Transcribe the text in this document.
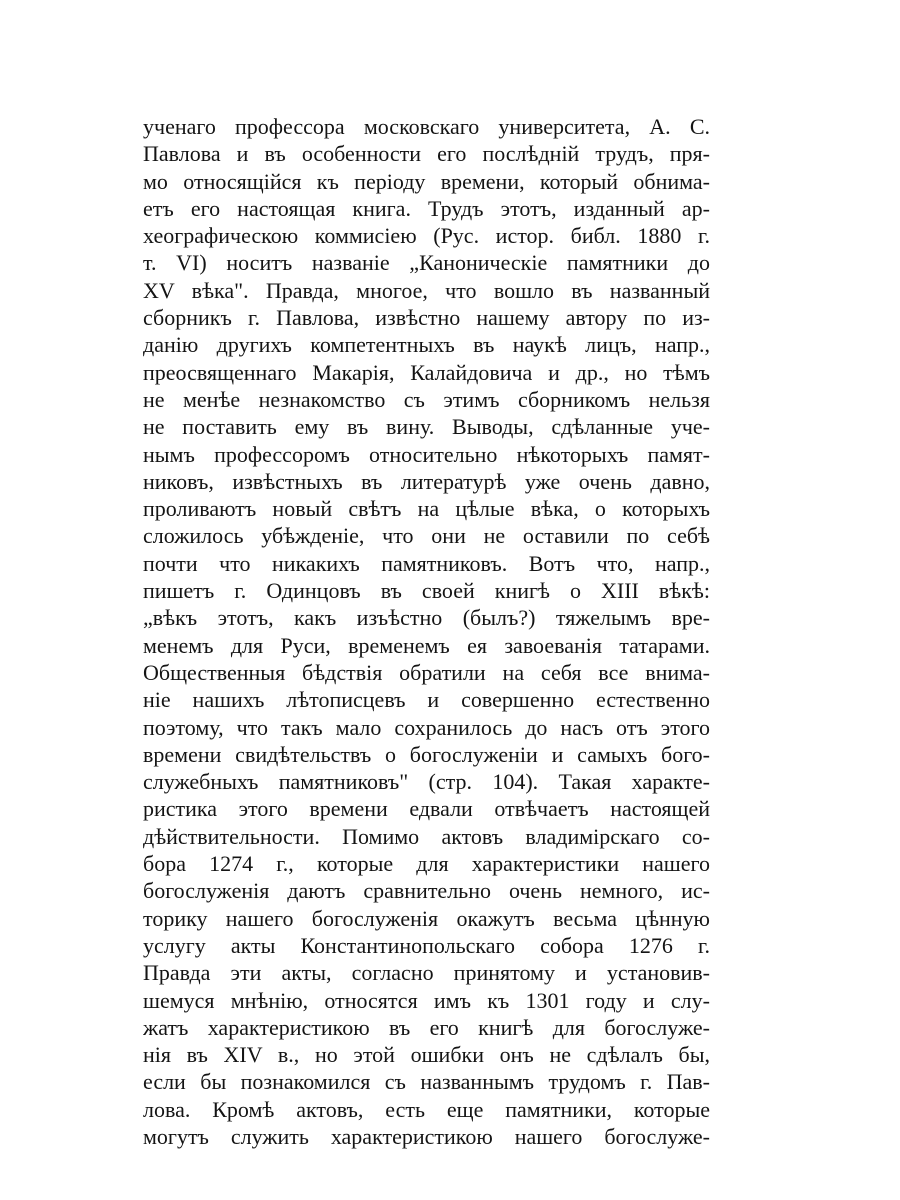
ученаго профессора московскаго университета, А. С.
Павлова и въ особенности его послѣдній трудъ, пря-
мо относящійся къ періоду времени, который обнима-
етъ его настоящая книга. Трудъ этотъ, изданный ар-
хеографическою коммисіею (Рус. истор. библ. 1880 г.
т. VI) носитъ названіе „Каноническіе памятники до
XV вѣка". Правда, многое, что вошло въ названный
сборникъ г. Павлова, извѣстно нашему автору по из-
данію другихъ компетентныхъ въ наукѣ лицъ, напр.,
преосвященнаго Макарія, Калайдовича и др., но тѣмъ
не менѣе незнакомство съ этимъ сборникомъ нельзя
не поставить ему въ вину. Выводы, сдѣланные уче-
нымъ профессоромъ относительно нѣкоторыхъ памят-
никовъ, извѣстныхъ въ литературѣ уже очень давно,
проливаютъ новый свѣтъ на цѣлые вѣка, о которыхъ
сложилось убѣжденіе, что они не оставили по себѣ
почти что никакихъ памятниковъ. Вотъ что, напр.,
пишетъ г. Одинцовъ въ своей книгѣ о XIII вѣкѣ:
„вѣкъ этотъ, какъ изъѣстно (былъ?) тяжелымъ вре-
менемъ для Руси, временемъ ея завоеванія татарами.
Общественныя бѣдствія обратили на себя все внима-
ніе нашихъ лѣтописцевъ и совершенно естественно
поэтому, что такъ мало сохранилось до насъ отъ этого
времени свидѣтельствъ о богослуженіи и самыхъ бого-
служебныхъ памятниковъ" (стр. 104). Такая характе-
ристика этого времени едвали отвѣчаетъ настоящей
дѣйствительности. Помимо актовъ владимірскаго со-
бора 1274 г., которые для характеристики нашего
богослуженія даютъ сравнительно очень немного, ис-
торику нашего богослуженія окажутъ весьма цѣнную
услугу акты Константинопольскаго собора 1276 г.
Правда эти акты, согласно принятому и установив-
шемуся мнѣнію, относятся имъ къ 1301 году и слу-
жатъ характеристикою въ его книгѣ для богослуже-
нія въ XIV в., но этой ошибки онъ не сдѣлалъ бы,
если бы познакомился съ названнымъ трудомъ г. Пав-
лова. Кромѣ актовъ, есть еще памятники, которые
могутъ служить характеристикою нашего богослуже-
